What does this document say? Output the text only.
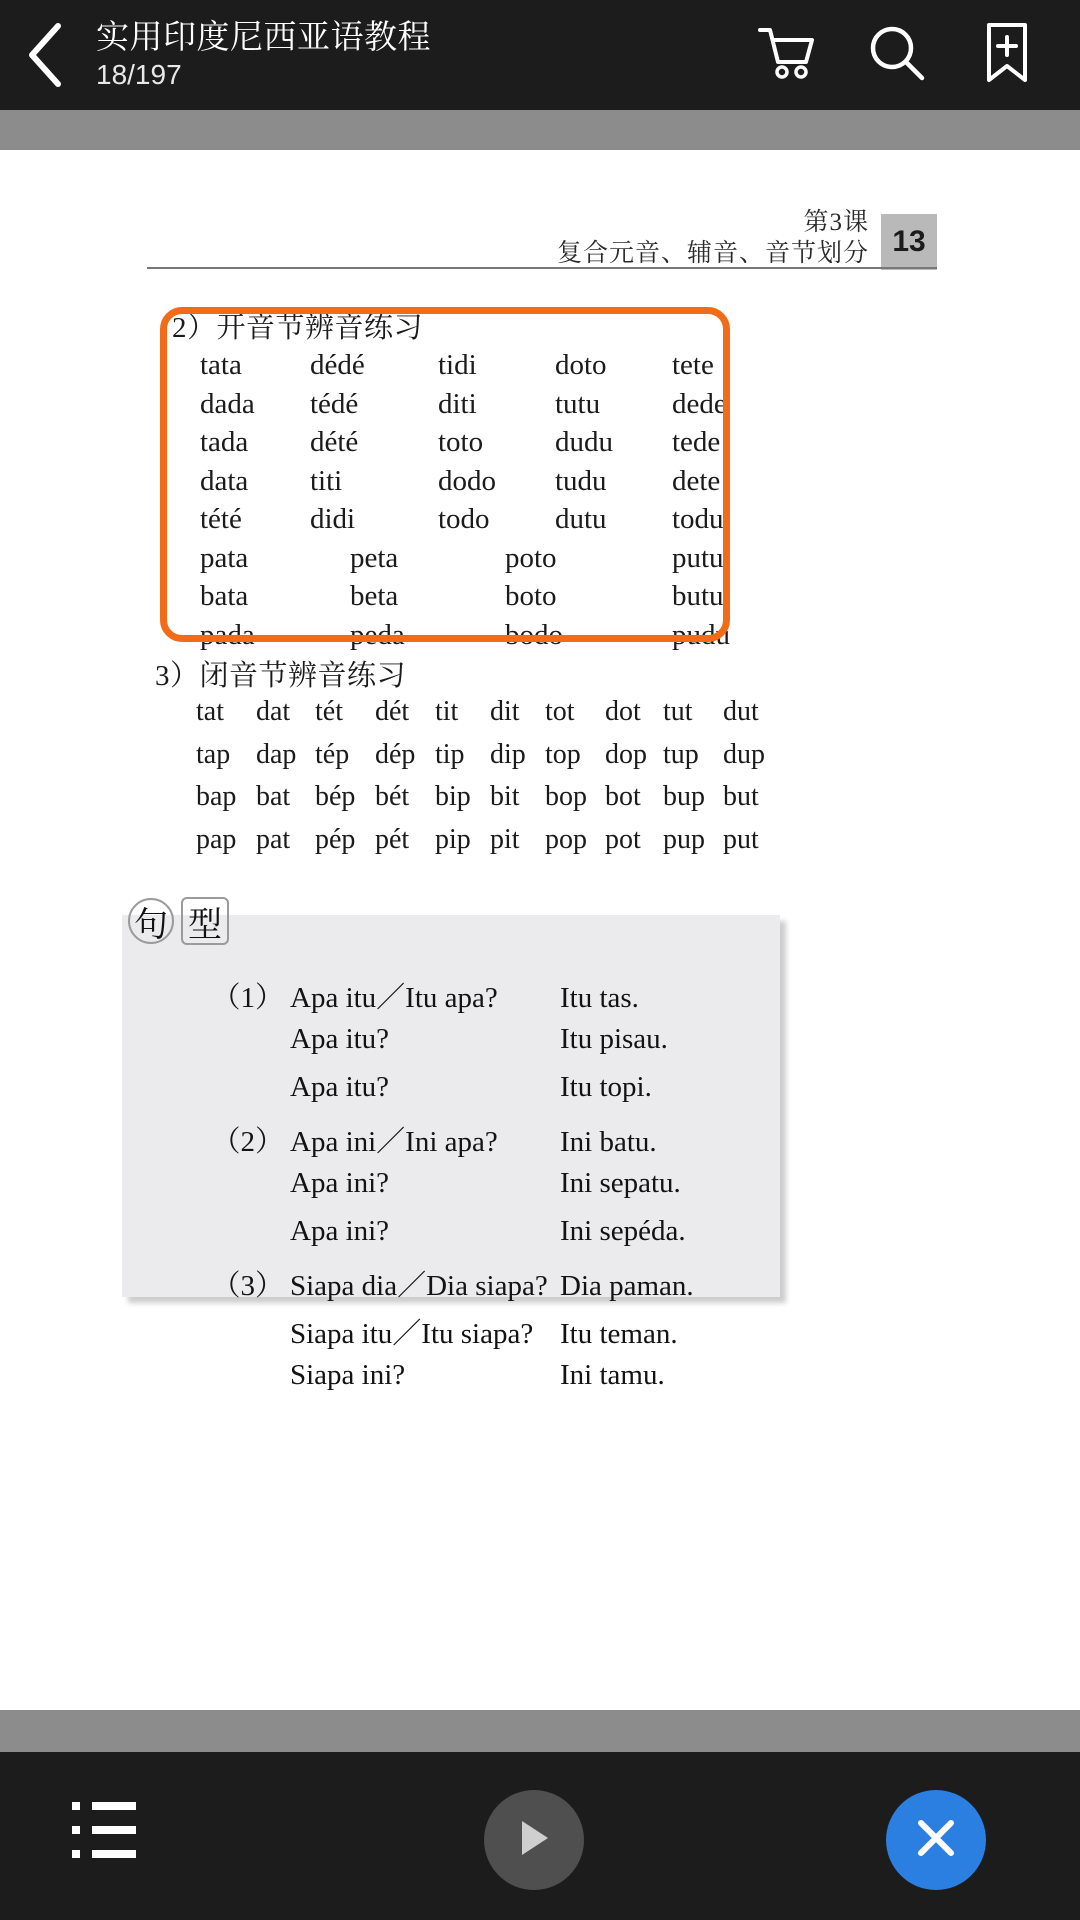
实用印度尼西亚语教程
18/197
第3课
复合元音、辅音、音节划分 13
2）开音节辨音练习
tata dédé	tidi	doto tete
dada tédé	diti	tutu dede
tada dété	toto dudu tede
data titi	dodo tudu dete
tété didi	todo dutu todu
pata	peta	poto	putu
bata	beta	boto	butu
pada	peda	bodo	pudu
3）闭音节辨音练习
tat dat tét dét tit dit tot dot tut dut
tap dap tép dép tip dip top dop tup dup
bap bat bép bét bip bit bop bot bup but
pap pat pép pét pip pit pop pot pup put
（1） Apa itu／Itu apa?	Itu tas.
Apa itu?	Itu pisau.
Apa itu?	Itu topi.
（2） Apa ini／Ini apa?	Ini batu.
Apa ini?	Ini sepatu.
Apa ini?	Ini sepéda.
（3） Siapa dia／Dia siapa? Dia paman.
Siapa itu／Itu siapa? Itu teman.
Siapa ini?	Ini tamu.
句 型
